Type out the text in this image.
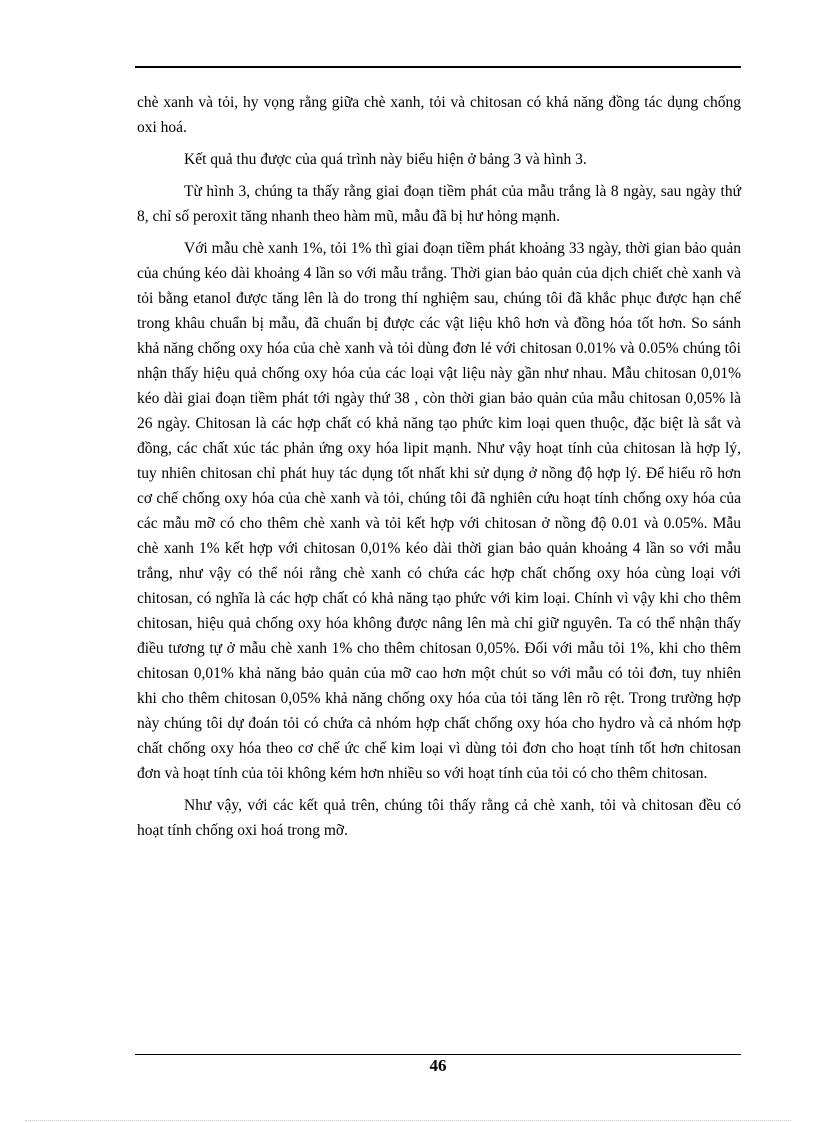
chè xanh và tỏi, hy vọng rằng giữa chè xanh, tỏi và chitosan có khả năng đồng tác dụng chống oxi hoá.

Kết quả thu được của quá trình này biểu hiện ở bảng 3 và hình 3.

Từ hình 3, chúng ta thấy rằng giai đoạn tiềm phát của mẫu trắng là 8 ngày, sau ngày thứ 8, chỉ số peroxit tăng nhanh theo hàm mũ, mẫu đã bị hư hỏng mạnh.

Với mẫu chè xanh 1%, tỏi 1% thì giai đoạn tiềm phát khoảng 33 ngày, thời gian bảo quản của chúng kéo dài khoảng 4 lần so với mẫu trắng. Thời gian bảo quản của dịch chiết chè xanh và tỏi bằng etanol được tăng lên là do trong thí nghiệm sau, chúng tôi đã khắc phục được hạn chế trong khâu chuẩn bị mẫu, đã chuẩn bị được các vật liệu khô hơn và đồng hóa tốt hơn. So sánh khả năng chống oxy hóa của chè xanh và tỏi dùng đơn lẻ với chitosan 0.01% và 0.05% chúng tôi nhận thấy hiệu quả chống oxy hóa của các loại vật liệu này gần như nhau. Mẫu chitosan 0,01% kéo dài giai đoạn tiềm phát tới ngày thứ 38 , còn thời gian bảo quản của mẫu chitosan 0,05% là 26 ngày. Chitosan là các hợp chất có khả năng tạo phức kim loại quen thuộc, đặc biệt là sắt và đồng, các chất xúc tác phản ứng oxy hóa lipit mạnh. Như vậy hoạt tính của chitosan là hợp lý, tuy nhiên chitosan chỉ phát huy tác dụng tốt nhất khi sử dụng ở nồng độ hợp lý. Để hiểu rõ hơn cơ chế chống oxy hóa của chè xanh và tỏi, chúng tôi đã nghiên cứu hoạt tính chống oxy hóa của các mẫu mỡ có cho thêm chè xanh và tỏi kết hợp với chitosan ở nồng độ 0.01 và 0.05%. Mẫu chè xanh 1% kết hợp với chitosan 0,01% kéo dài thời gian bảo quản khoảng 4 lần so với mẫu trắng, như vậy có thể nói rằng chè xanh có chứa các hợp chất chống oxy hóa cùng loại với chitosan, có nghĩa là các hợp chất có khả năng tạo phức với kim loại. Chính vì vậy khi cho thêm chitosan, hiệu quả chống oxy hóa không được nâng lên mà chỉ giữ nguyên. Ta có thể nhận thấy điều tương tự ở mẫu chè xanh 1% cho thêm chitosan 0,05%. Đối với mẫu tỏi 1%, khi cho thêm chitosan 0,01% khả năng bảo quản của mỡ cao hơn một chút so với mẫu có tỏi đơn, tuy nhiên khi cho thêm chitosan 0,05% khả năng chống oxy hóa của tỏi tăng lên rõ rệt. Trong trường hợp này chúng tôi dự đoán tỏi có chứa cả nhóm hợp chất chống oxy hóa cho hydro và cả nhóm hợp chất chống oxy hóa theo cơ chế ức chế kim loại vì dùng tỏi đơn cho hoạt tính tốt hơn chitosan đơn và hoạt tính của tỏi không kém hơn nhiều so với hoạt tính của tỏi có cho thêm chitosan.

Như vậy, với các kết quả trên, chúng tôi thấy rằng cả chè xanh, tỏi và chitosan đều có hoạt tính chống oxi hoá trong mỡ.

46
